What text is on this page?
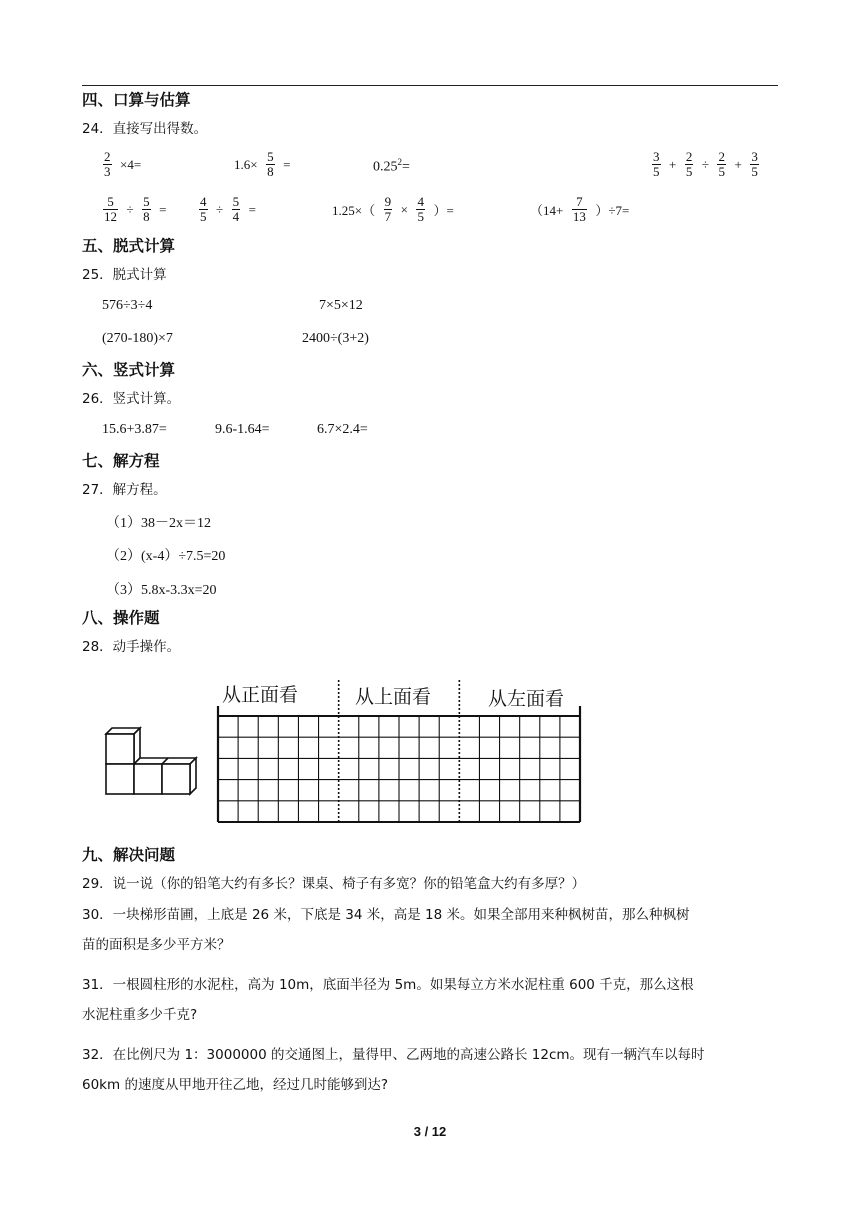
四、口算与估算
24．直接写出得数。
$\frac{2}{3} \times 4=$	$1.6\times \frac{5}{8}$ =	$0.25^2=$	$\frac{3}{5} + \frac{2}{5} \div \frac{2}{5} + \frac{3}{5}$
$\frac{5}{12} \div \frac{5}{8}$ =	$\frac{4}{5} \div \frac{5}{4}$ =	$1.25\times( \frac{9}{7} \times \frac{4}{5}$ ）=	$(14+ \frac{7}{13} )\div 7=$
五、脱式计算
25．脱式计算
576÷3÷4	7×5×12
(270-180)×7	2400÷(3+2)
六、竖式计算
26．竖式计算。
15.6+3.87=	9.6-1.64=	6.7×2.4=
七、解方程
27．解方程。
（1）38－2x＝12
（2）(x-4）÷7.5=20
（3）5.8x-3.3x=20
八、操作题
28．动手操作。
从正面看	从上面看	从左面看
九、解决问题
29．说一说（你的铅笔大约有多长？课桌、椅子有多宽？你的铅笔盒大约有多厚？）
30．一块梯形苗圃，上底是 26 米，下底是 34 米，高是 18 米。如果全部用来种枫树苗，那么种枫树
苗的面积是多少平方米？
31．一根圆柱形的水泥柱，高为 10m，底面半径为 5m。如果每立方米水泥柱重 600 千克，那么这根
水泥柱重多少千克?
32．在比例尺为 1：3000000 的交通图上，量得甲、乙两地的高速公路长 12cm。现有一辆汽车以每时
60km 的速度从甲地开往乙地，经过几时能够到达?
3 / 12
